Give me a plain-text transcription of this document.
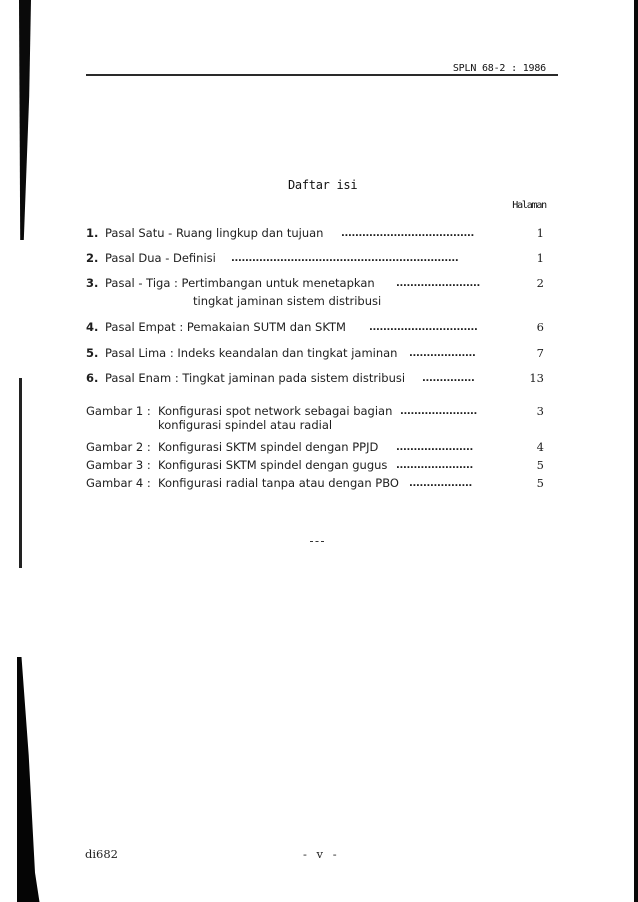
SPLN 68-2 : 1986
Daftar isi
Halaman
1. Pasal Satu - Ruang lingkup dan tujuan ......................................	1
2. Pasal Dua - Definisi .................................................................	1
3. Pasal - Tiga : Pertimbangan untuk menetapkan ........................	2
tingkat jaminan sistem distribusi
4. Pasal Empat : Pemakaian SUTM dan SKTM ...............................	6
5. Pasal Lima : Indeks keandalan dan tingkat jaminan ...................	7
6. Pasal Enam : Tingkat jaminan pada sistem distribusi ...............	13
Gambar 1 : Konfigurasi spot network sebagai bagian ......................	3
konfigurasi spindel atau radial
Gambar 2 : Konfigurasi SKTM spindel dengan PPJD ......................	4
Gambar 3 : Konfigurasi SKTM spindel dengan gugus ......................	5
Gambar 4 : Konfigurasi radial tanpa atau dengan PBO ..................	5
di682	- v -
